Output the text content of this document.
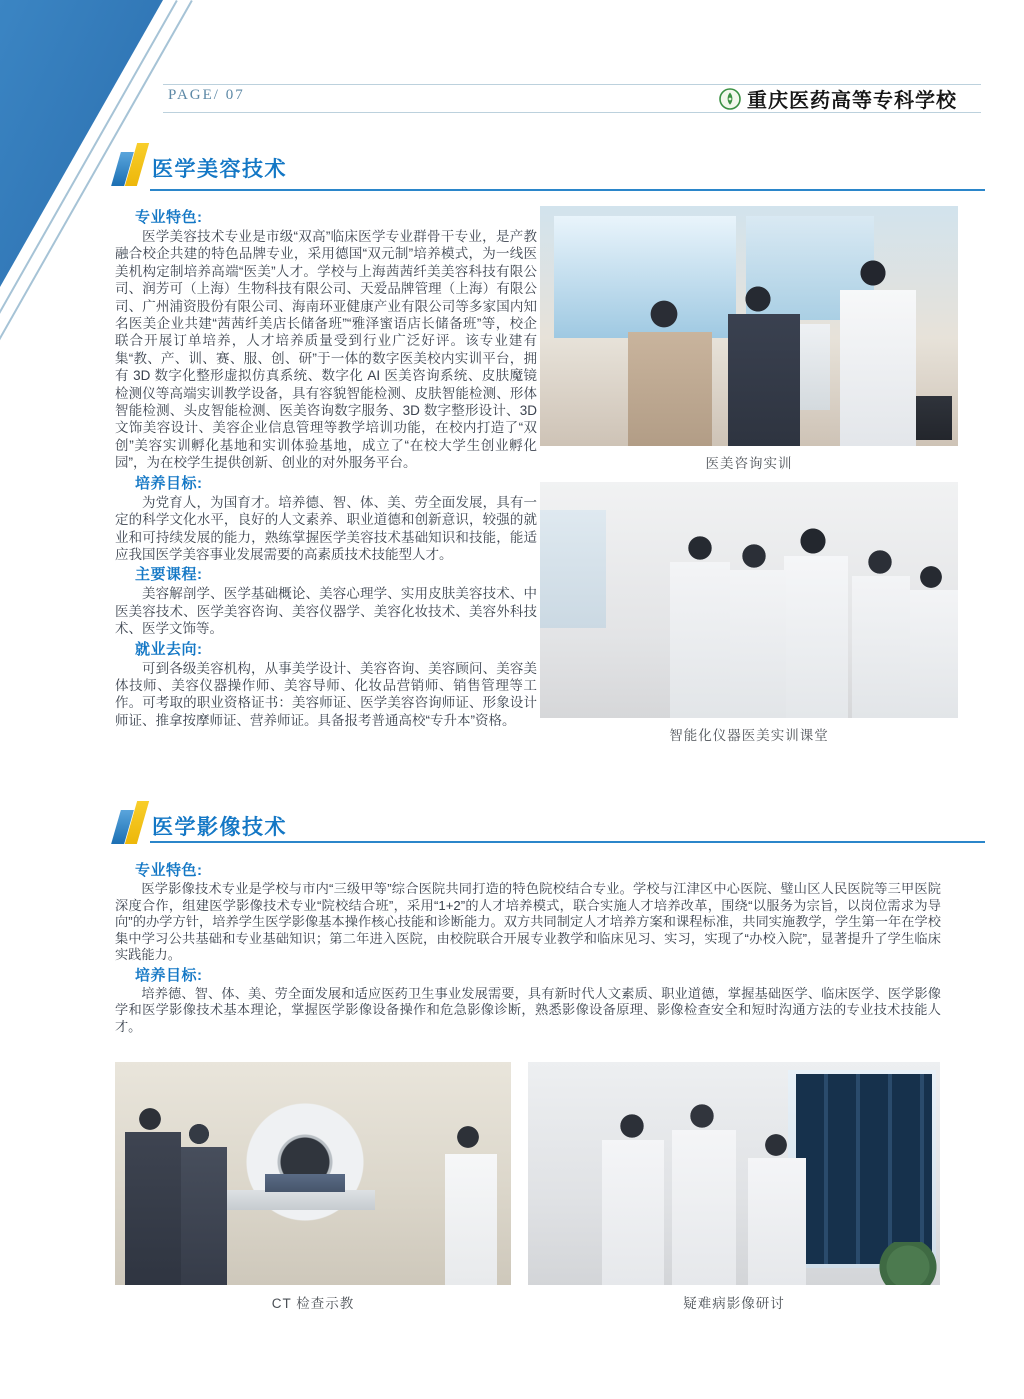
PAGE/ 07	重庆医药高等专科学校
医学美容技术
专业特色:

医学美容技术专业是市级“双高”临床医学专业群骨干专业，是产教融合校企共建的特色品牌专业，采用德国“双元制”培养模式，为一线医美机构定制培养高端“医美”人才。学校与上海茜茜纤美美容科技有限公司、润芳可（上海）生物科技有限公司、天爱品牌管理（上海）有限公司、广州浦资股份有限公司、海南环亚健康产业有限公司等多家国内知名医美企业共建“茜茜纤美店长储备班”“雅泽蜜语店长储备班”等，校企联合开展订单培养，人才培养质量受到行业广泛好评。该专业建有集“教、产、训、赛、服、创、研”于一体的数字医美校内实训平台，拥有 3D 数字化整形虚拟仿真系统、数字化 AI 医美咨询系统、皮肤魔镜检测仪等高端实训教学设备，具有容貌智能检测、皮肤智能检测、形体智能检测、头皮智能检测、医美咨询数字服务、3D 数字整形设计、3D 文饰美容设计、美容企业信息管理等教学培训功能，在校内打造了“双创”美容实训孵化基地和实训体验基地，成立了“在校大学生创业孵化园”，为在校学生提供创新、创业的对外服务平台。

培养目标:

为党育人，为国育才。培养德、智、体、美、劳全面发展，具有一定的科学文化水平，良好的人文素养、职业道德和创新意识，较强的就业和可持续发展的能力，熟练掌握医学美容技术基础知识和技能，能适应我国医学美容事业发展需要的高素质技术技能型人才。

主要课程:

美容解剖学、医学基础概论、美容心理学、实用皮肤美容技术、中医美容技术、医学美容咨询、美容仪器学、美容化妆技术、美容外科技术、医学文饰等。

就业去向:

可到各级美容机构，从事美学设计、美容咨询、美容顾问、美容美体技师、美容仪器操作师、美容导师、化妆品营销师、销售管理等工作。可考取的职业资格证书：美容师证、医学美容咨询师证、形象设计师证、推拿按摩师证、营养师证。具备报考普通高校“专升本”资格。

医美咨询实训
智能化仪器医美实训课堂
医学影像技术
专业特色:

医学影像技术专业是学校与市内“三级甲等”综合医院共同打造的特色院校结合专业。学校与江津区中心医院、璧山区人民医院等三甲医院深度合作，组建医学影像技术专业“院校结合班”，采用“1+2”的人才培养模式，联合实施人才培养改革，围绕“以服务为宗旨，以岗位需求为导向”的办学方针，培养学生医学影像基本操作核心技能和诊断能力。双方共同制定人才培养方案和课程标准，共同实施教学，学生第一年在学校集中学习公共基础和专业基础知识；第二年进入医院，由校院联合开展专业教学和临床见习、实习，实现了“办校入院”，显著提升了学生临床实践能力。

培养目标:

培养德、智、体、美、劳全面发展和适应医药卫生事业发展需要，具有新时代人文素质、职业道德，掌握基础医学、临床医学、医学影像学和医学影像技术基本理论，掌握医学影像设备操作和危急影像诊断，熟悉影像设备原理、影像检查安全和短时沟通方法的专业技术技能人才。

CT 检查示教	疑难病影像研讨
